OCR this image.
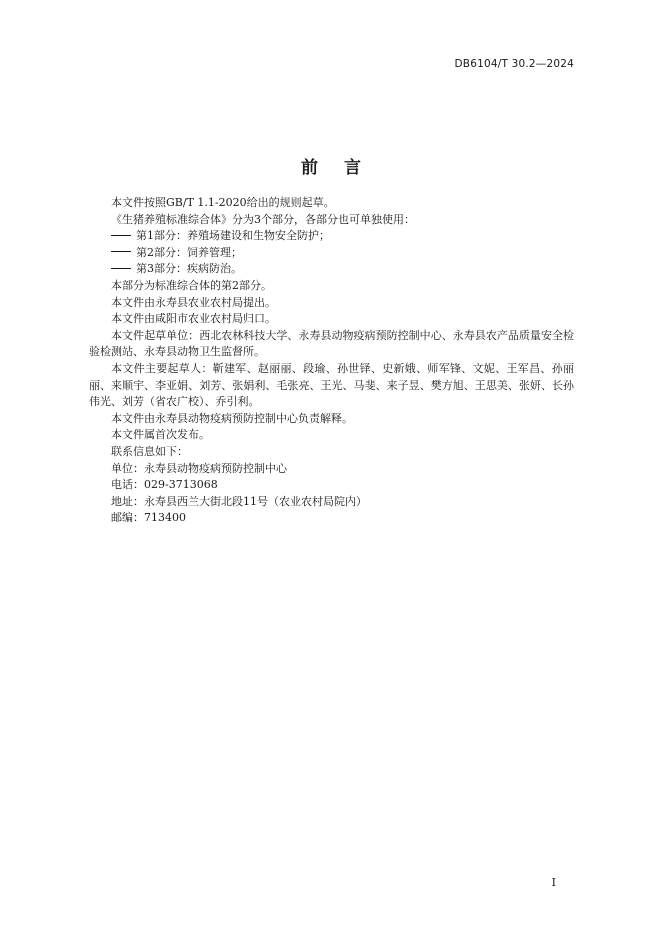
DB6104/T 30.2—2024
前 言

本文件按照GB/T 1.1-2020给出的规则起草。

《生猪养殖标准综合体》分为3个部分，各部分也可单独使用：

第1部分：养殖场建设和生物安全防护；

第2部分：饲养管理；

第3部分：疾病防治。

本部分为标准综合体的第2部分。

本文件由永寿县农业农村局提出。

本文件由咸阳市农业农村局归口。

本文件起草单位：西北农林科技大学、永寿县动物疫病预防控制中心、永寿县农产品质量安全检验检测站、永寿县动物卫生监督所。

本文件主要起草人：靳建军、赵丽丽、段瑜、孙世铎、史新娥、师军锋、文妮、王军昌、孙丽丽、来顺宇、李亚娟、刘芳、张娟利、毛张亮、王光、马斐、来子昱、樊方旭、王思美、张妍、长孙伟光、刘芳（省农广校）、乔引利。

本文件由永寿县动物疫病预防控制中心负责解释。

本文件属首次发布。

联系信息如下：

单位：永寿县动物疫病预防控制中心

电话：029-3713068

地址：永寿县西兰大街北段11号（农业农村局院内）

邮编：713400

I
